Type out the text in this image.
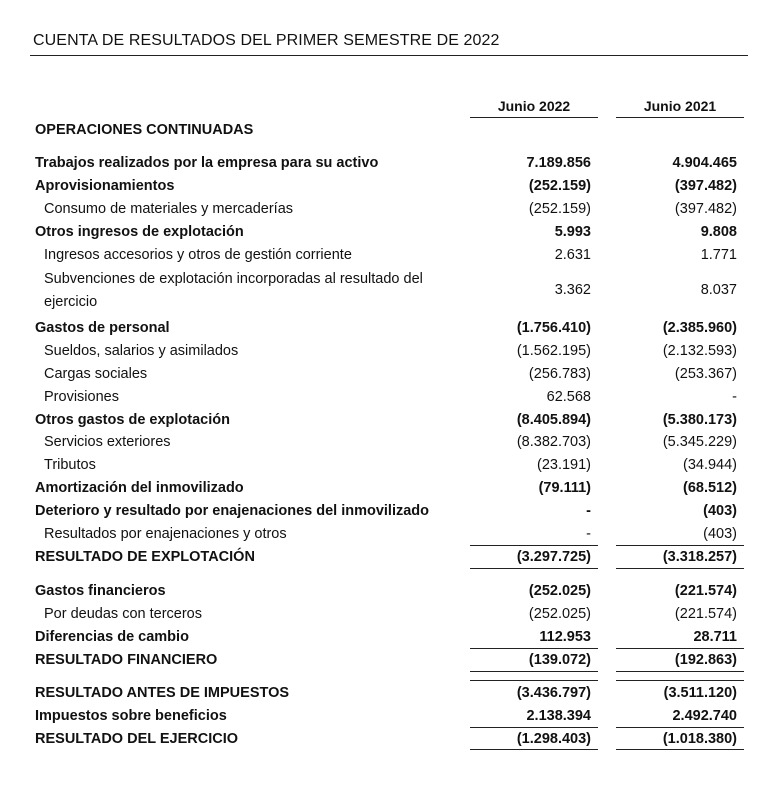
CUENTA DE RESULTADOS DEL PRIMER SEMESTRE DE 2022
Junio 2022	Junio 2021
OPERACIONES CONTINUADAS
Trabajos realizados por la empresa para su activo	7.189.856	4.904.465
Aprovisionamientos	(252.159)	(397.482)
Consumo de materiales y mercaderías	(252.159)	(397.482)
Otros ingresos de explotación	5.993	9.808
Ingresos accesorios y otros de gestión corriente	2.631	1.771
Subvenciones de explotación incorporadas al resultado del ejercicio
3.362	8.037
Gastos de personal	(1.756.410)	(2.385.960)
Sueldos, salarios y asimilados	(1.562.195)	(2.132.593)
Cargas sociales	(256.783)	(253.367)
Provisiones	62.568	-
Otros gastos de explotación	(8.405.894)	(5.380.173)
Servicios exteriores	(8.382.703)	(5.345.229)
Tributos	(23.191)	(34.944)
Amortización del inmovilizado	(79.111)	(68.512)
Deterioro y resultado por enajenaciones del inmovilizado	-	(403)
Resultados por enajenaciones y otros	-	(403)
RESULTADO DE EXPLOTACIÓN	(3.297.725)	(3.318.257)
Gastos financieros	(252.025)	(221.574)
Por deudas con terceros	(252.025)	(221.574)
Diferencias de cambio	112.953	28.711
RESULTADO FINANCIERO	(139.072)	(192.863)
RESULTADO ANTES DE IMPUESTOS	(3.436.797)	(3.511.120)
Impuestos sobre beneficios	2.138.394	2.492.740
RESULTADO DEL EJERCICIO	(1.298.403)	(1.018.380)
